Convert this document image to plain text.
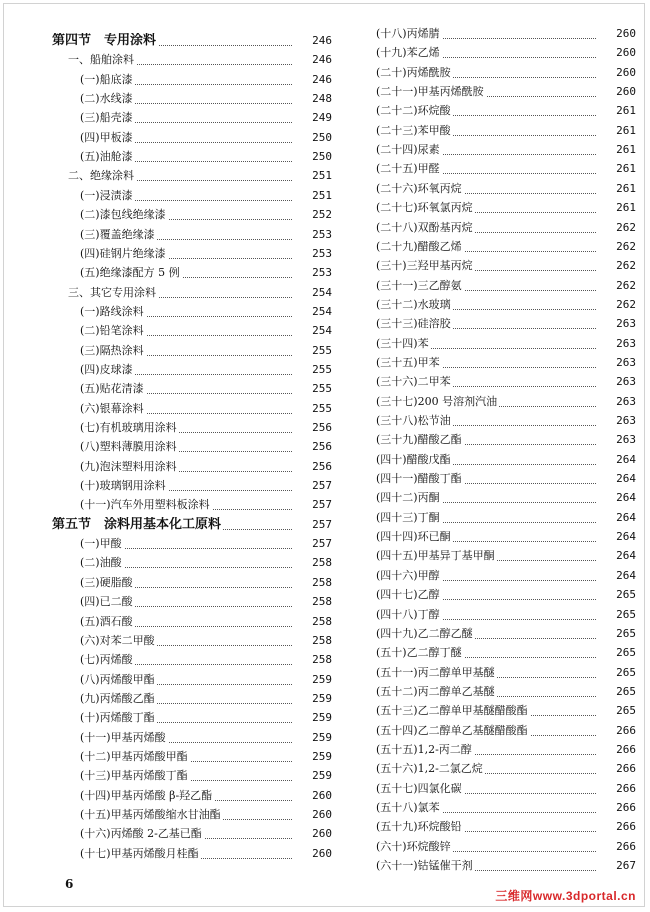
第四节　专用涂料	246
一、船舶涂料	246
(一)船底漆	246
(二)水线漆	248
(三)船壳漆	249
(四)甲板漆	250
(五)油舱漆	250
二、绝缘涂料	251
(一)浸渍漆	251
(二)漆包线绝缘漆	252
(三)覆盖绝缘漆	253
(四)硅钢片绝缘漆	253
(五)绝缘漆配方 5 例	253
三、其它专用涂料	254
(一)路线涂料	254
(二)铅笔涂料	254
(三)隔热涂料	255
(四)皮球漆	255
(五)贴花清漆	255
(六)银幕涂料	255
(七)有机玻璃用涂料	256
(八)塑料薄膜用涂料	256
(九)泡沫塑料用涂料	256
(十)玻璃钢用涂料	257
(十一)汽车外用塑料板涂料	257
第五节　涂料用基本化工原料	257
(一)甲酸	257
(二)油酸	258
(三)硬脂酸	258
(四)已二酸	258
(五)酒石酸	258
(六)对苯二甲酸	258
(七)丙烯酸	258
(八)丙烯酸甲酯	259
(九)丙烯酸乙酯	259
(十)丙烯酸丁酯	259
(十一)甲基丙烯酸	259
(十二)甲基丙烯酸甲酯	259
(十三)甲基丙烯酸丁酯	259
(十四)甲基丙烯酸 β-羟乙酯	260
(十五)甲基丙烯酸缩水甘油酯	260
(十六)丙烯酸 2-乙基已酯	260
(十七)甲基丙烯酸月桂酯	260
(十八)丙烯腈	260
(十九)苯乙烯	260
(二十)丙烯酰胺	260
(二十一)甲基丙烯酰胺	260
(二十二)环烷酸	261
(二十三)苯甲酸	261
(二十四)尿素	261
(二十五)甲醛	261
(二十六)环氧丙烷	261
(二十七)环氧氯丙烷	261
(二十八)双酚基丙烷	262
(二十九)醋酸乙烯	262
(三十)三羟甲基丙烷	262
(三十一)三乙醇氨	262
(三十二)水玻璃	262
(三十三)硅溶胶	263
(三十四)苯	263
(三十五)甲苯	263
(三十六)二甲苯	263
(三十七)200 号溶剂汽油	263
(三十八)松节油	263
(三十九)醋酸乙酯	263
(四十)醋酸戊酯	264
(四十一)醋酸丁酯	264
(四十二)丙酮	264
(四十三)丁酮	264
(四十四)环已酮	264
(四十五)甲基异丁基甲酮	264
(四十六)甲醇	264
(四十七)乙醇	265
(四十八)丁醇	265
(四十九)乙二醇乙醚	265
(五十)乙二醇丁醚	265
(五十一)丙二醇单甲基醚	265
(五十二)丙二醇单乙基醚	265
(五十三)乙二醇单甲基醚醋酸酯	265
(五十四)乙二醇单乙基醚醋酸酯	266
(五十五)1,2-丙二醇	266
(五十六)1,2-二氯乙烷	266
(五十七)四氯化碳	266
(五十八)氯苯	266
(五十九)环烷酸铅	266
(六十)环烷酸锌	266
(六十一)钴锰催干剂	267
6
三维网www.3dportal.cn
